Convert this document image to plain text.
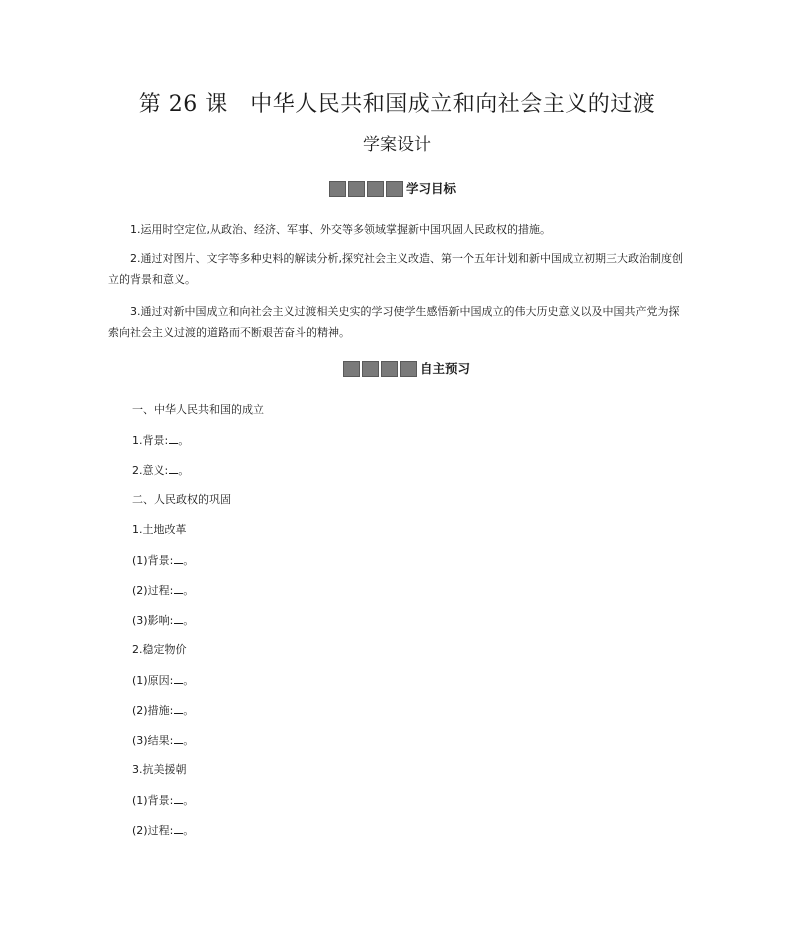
第 26 课　中华人民共和国成立和向社会主义的过渡
学案设计
学习目标
1.运用时空定位,从政治、经济、军事、外交等多领域掌握新中国巩固人民政权的措施。
2.通过对图片、文字等多种史料的解读分析,探究社会主义改造、第一个五年计划和新中国成立初期三大政治制度创立的背景和意义。
3.通过对新中国成立和向社会主义过渡相关史实的学习使学生感悟新中国成立的伟大历史意义以及中国共产党为探索向社会主义过渡的道路而不断艰苦奋斗的精神。
自主预习
一、中华人民共和国的成立
1.背景: 。
2.意义: 。
二、人民政权的巩固
1.土地改革
(1)背景: 。
(2)过程: 。
(3)影响: 。
2.稳定物价
(1)原因: 。
(2)措施: 。
(3)结果: 。
3.抗美援朝
(1)背景: 。
(2)过程: 。
